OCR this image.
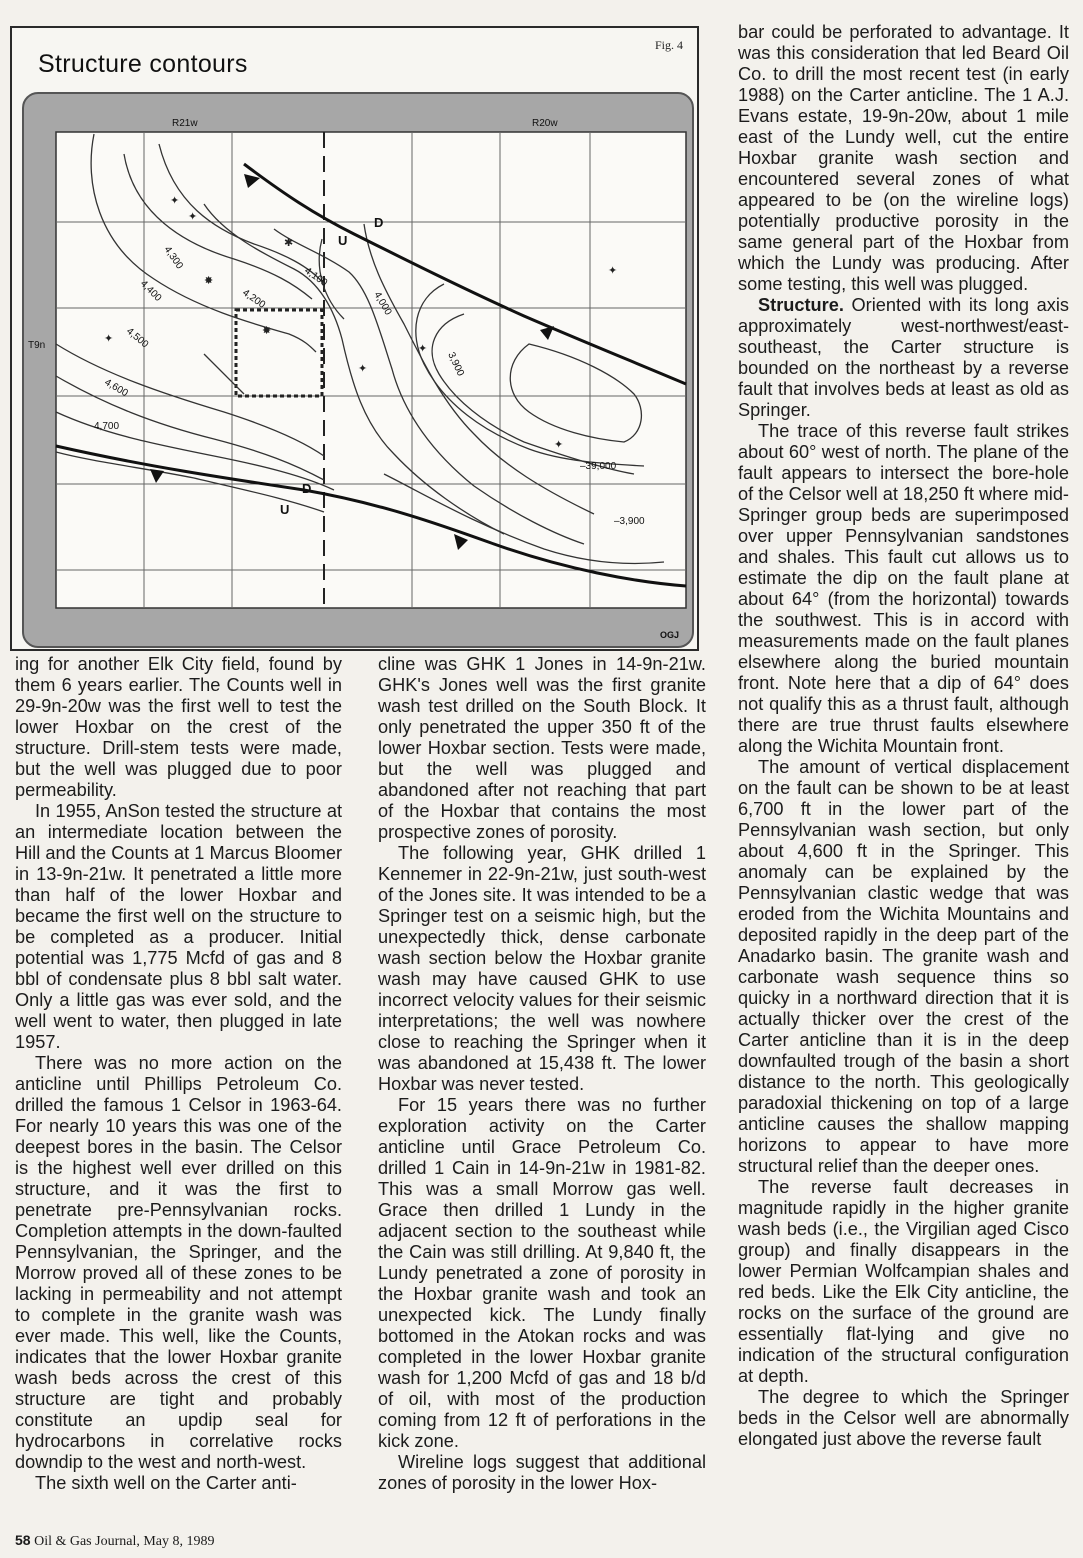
Fig. 4
Structure contours
✦
✦
✱
✸
✸
✦
✦
✦
✦
✦
R21w	R20w
T9n
OGJ
4,700
4,600
4,500
4,400
4,300
4,200
4,100
4,000
3,900
–39,000
–3,900
D
U
D
U

ing for another Elk City field, found by them 6 years earlier. The Counts well in 29-9n-20w was the first well to test the lower Hoxbar on the crest of the structure. Drill-stem tests were made, but the well was plugged due to poor permeability.

In 1955, AnSon tested the structure at an intermediate location between the Hill and the Counts at 1 Marcus Bloomer in 13-9n-21w. It penetrated a little more than half of the lower Hoxbar and became the first well on the structure to be completed as a producer. Initial potential was 1,775 Mcfd of gas and 8 bbl of condensate plus 8 bbl salt water. Only a little gas was ever sold, and the well went to water, then plugged in late 1957.

There was no more action on the anticline until Phillips Petroleum Co. drilled the famous 1 Celsor in 1963-64. For nearly 10 years this was one of the deepest bores in the basin. The Celsor is the highest well ever drilled on this structure, and it was the first to penetrate pre-Pennsylvanian rocks. Completion attempts in the down-faulted Pennsylvanian, the Springer, and the Morrow proved all of these zones to be lacking in permeability and not attempt to complete in the granite wash was ever made. This well, like the Counts, indicates that the lower Hoxbar granite wash beds across the crest of this structure are tight and probably constitute an updip seal for hydrocarbons in correlative rocks downdip to the west and north-west.

The sixth well on the Carter anti-

cline was GHK 1 Jones in 14-9n-21w. GHK's Jones well was the first granite wash test drilled on the South Block. It only penetrated the upper 350 ft of the lower Hoxbar section. Tests were made, but the well was plugged and abandoned after not reaching that part of the Hoxbar that contains the most prospective zones of porosity.

The following year, GHK drilled 1 Kennemer in 22-9n-21w, just south-west of the Jones site. It was intended to be a Springer test on a seismic high, but the unexpectedly thick, dense carbonate wash section below the Hoxbar granite wash may have caused GHK to use incorrect velocity values for their seismic interpretations; the well was nowhere close to reaching the Springer when it was abandoned at 15,438 ft. The lower Hoxbar was never tested.

For 15 years there was no further exploration activity on the Carter anticline until Grace Petroleum Co. drilled 1 Cain in 14-9n-21w in 1981-82. This was a small Morrow gas well. Grace then drilled 1 Lundy in the adjacent section to the southeast while the Cain was still drilling. At 9,840 ft, the Lundy penetrated a zone of porosity in the Hoxbar granite wash and took an unexpected kick. The Lundy finally bottomed in the Atokan rocks and was completed in the lower Hoxbar granite wash for 1,200 Mcfd of gas and 18 b/d of oil, with most of the production coming from 12 ft of perforations in the kick zone.

Wireline logs suggest that additional zones of porosity in the lower Hox-

bar could be perforated to advantage. It was this consideration that led Beard Oil Co. to drill the most recent test (in early 1988) on the Carter anticline. The 1 A.J. Evans estate, 19-9n-20w, about 1 mile east of the Lundy well, cut the entire Hoxbar granite wash section and encountered several zones of what appeared to be (on the wireline logs) potentially productive porosity in the same general part of the Hoxbar from which the Lundy was producing. After some testing, this well was plugged.

Structure. Oriented with its long axis approximately west-northwest/east-southeast, the Carter structure is bounded on the northeast by a reverse fault that involves beds at least as old as Springer.

The trace of this reverse fault strikes about 60° west of north. The plane of the fault appears to intersect the bore-hole of the Celsor well at 18,250 ft where mid-Springer group beds are superimposed over upper Pennsylvanian sandstones and shales. This fault cut allows us to estimate the dip on the fault plane at about 64° (from the horizontal) towards the southwest. This is in accord with measurements made on the fault planes elsewhere along the buried mountain front. Note here that a dip of 64° does not qualify this as a thrust fault, although there are true thrust faults elsewhere along the Wichita Mountain front.

The amount of vertical displacement on the fault can be shown to be at least 6,700 ft in the lower part of the Pennsylvanian wash section, but only about 4,600 ft in the Springer. This anomaly can be explained by the Pennsylvanian clastic wedge that was eroded from the Wichita Mountains and deposited rapidly in the deep part of the Anadarko basin. The granite wash and carbonate wash sequence thins so quicky in a northward direction that it is actually thicker over the crest of the Carter anticline than it is in the deep downfaulted trough of the basin a short distance to the north. This geologically paradoxial thickening on top of a large anticline causes the shallow mapping horizons to appear to have more structural relief than the deeper ones.

The reverse fault decreases in magnitude rapidly in the higher granite wash beds (i.e., the Virgilian aged Cisco group) and finally disappears in the lower Permian Wolfcampian shales and red beds. Like the Elk City anticline, the rocks on the surface of the ground are essentially flat-lying and give no indication of the structural configuration at depth.

The degree to which the Springer beds in the Celsor well are abnormally elongated just above the reverse fault

58 Oil & Gas Journal, May 8, 1989
